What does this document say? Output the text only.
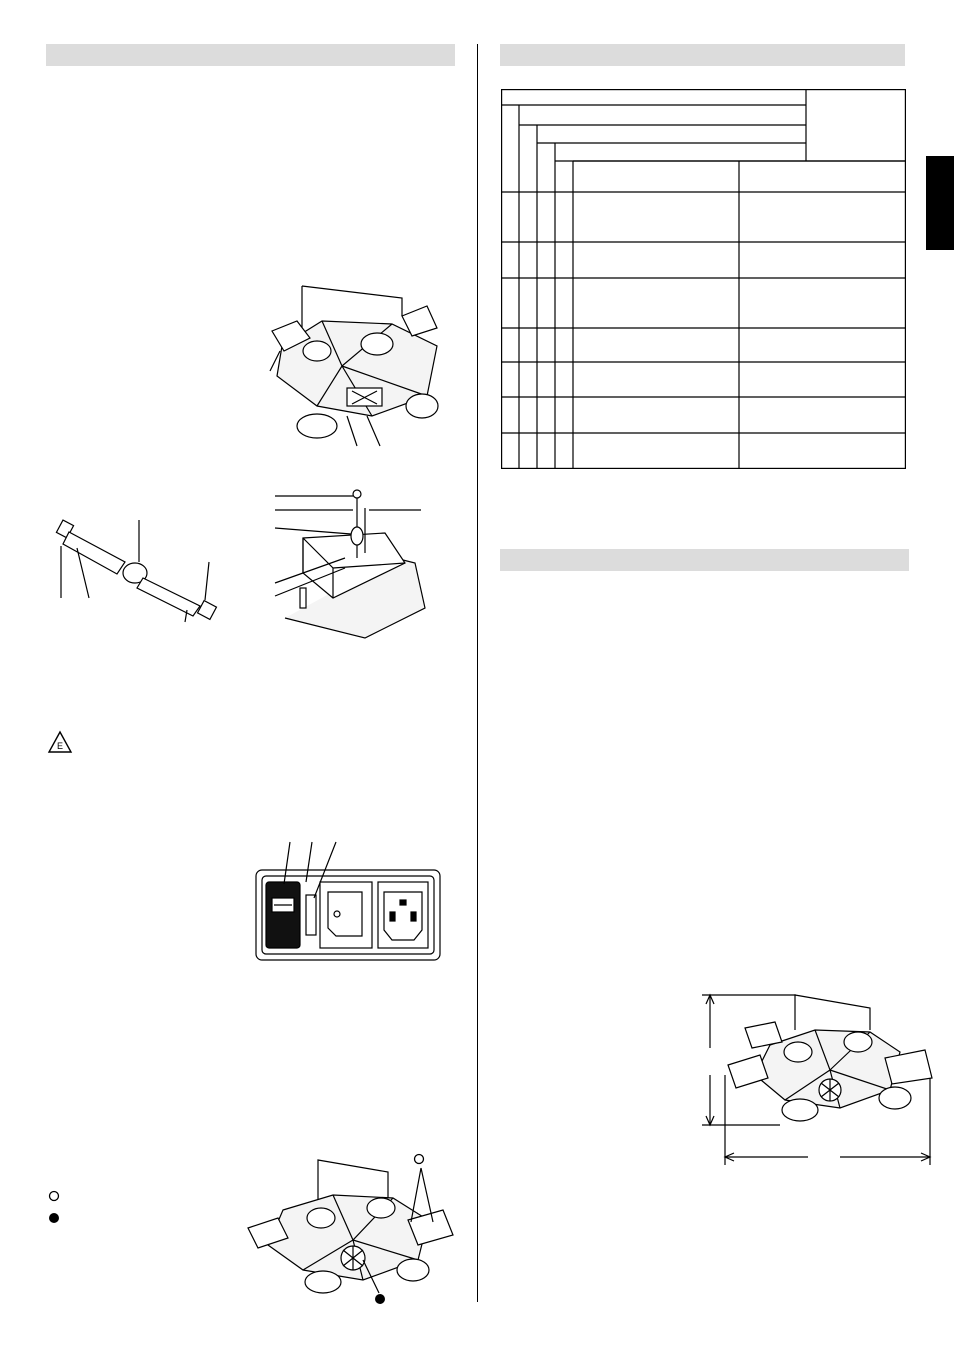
E
